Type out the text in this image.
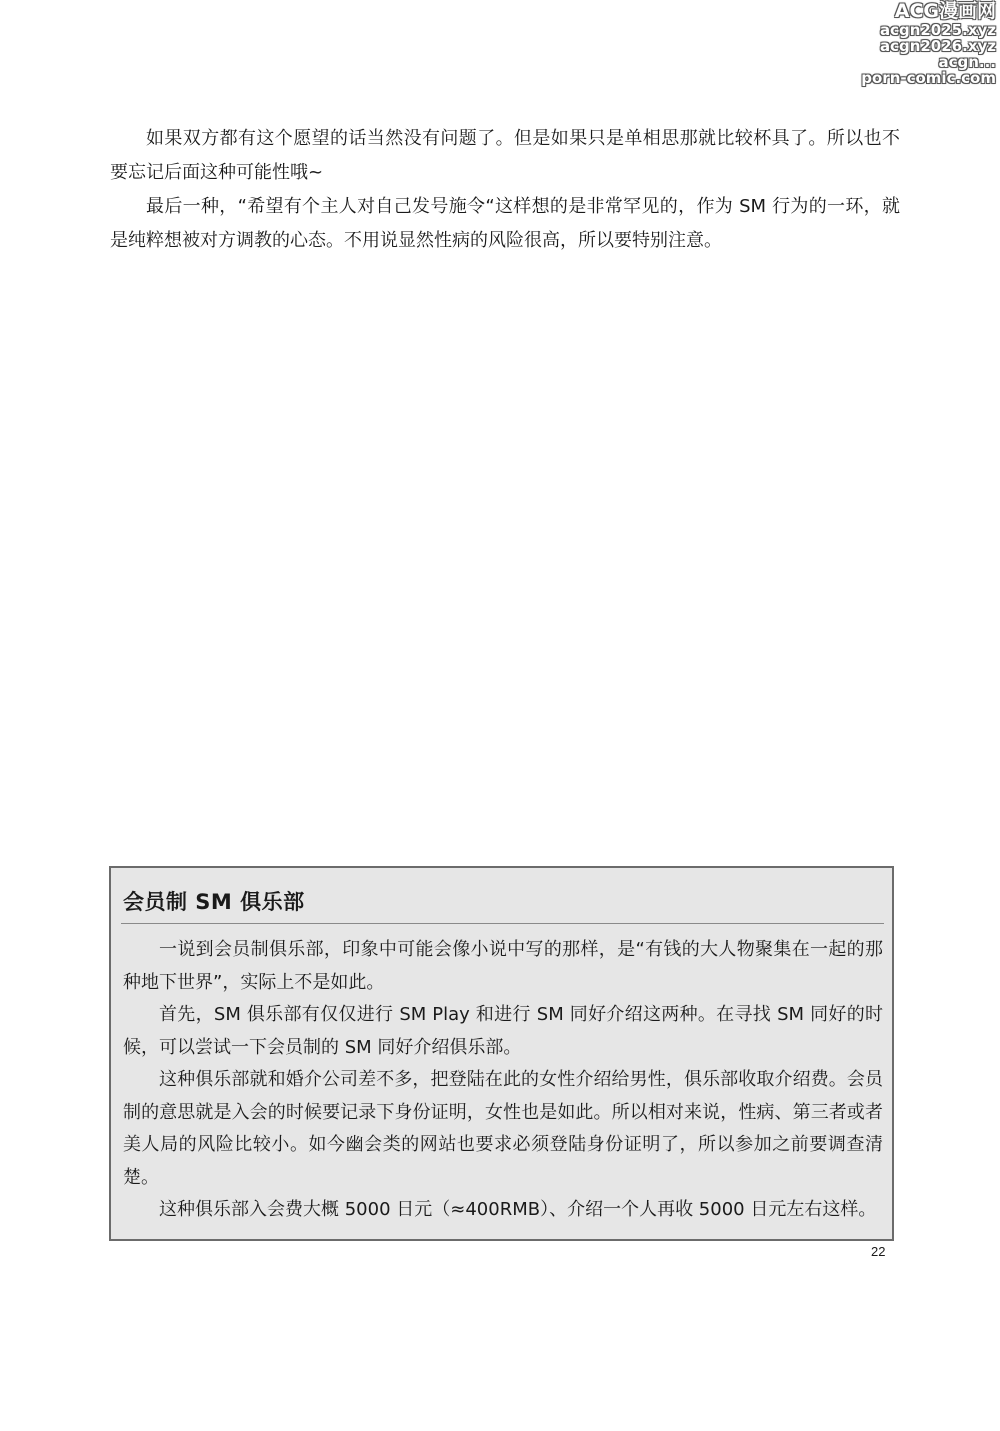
ACG漫画网
acgn2025.xyz
acgn2026.xyz
acgn...
porn-comic.com

如果双方都有这个愿望的话当然没有问题了。但是如果只是单相思那就比较杯具了。所以也不要忘记后面这种可能性哦~

最后一种，“希望有个主人对自己发号施令“这样想的是非常罕见的，作为 SM 行为的一环，就是纯粹想被对方调教的心态。不用说显然性病的风险很高，所以要特别注意。

会员制 SM 俱乐部

一说到会员制俱乐部，印象中可能会像小说中写的那样，是“有钱的大人物聚集在一起的那种地下世界”，实际上不是如此。

首先，SM 俱乐部有仅仅进行 SM Play 和进行 SM 同好介绍这两种。在寻找 SM 同好的时候，可以尝试一下会员制的 SM 同好介绍俱乐部。

这种俱乐部就和婚介公司差不多，把登陆在此的女性介绍给男性，俱乐部收取介绍费。会员制的意思就是入会的时候要记录下身份证明，女性也是如此。所以相对来说，性病、第三者或者美人局的风险比较小。如今幽会类的网站也要求必须登陆身份证明了，所以参加之前要调查清楚。

这种俱乐部入会费大概 5000 日元（≈400RMB）、介绍一个人再收 5000 日元左右这样。

22
